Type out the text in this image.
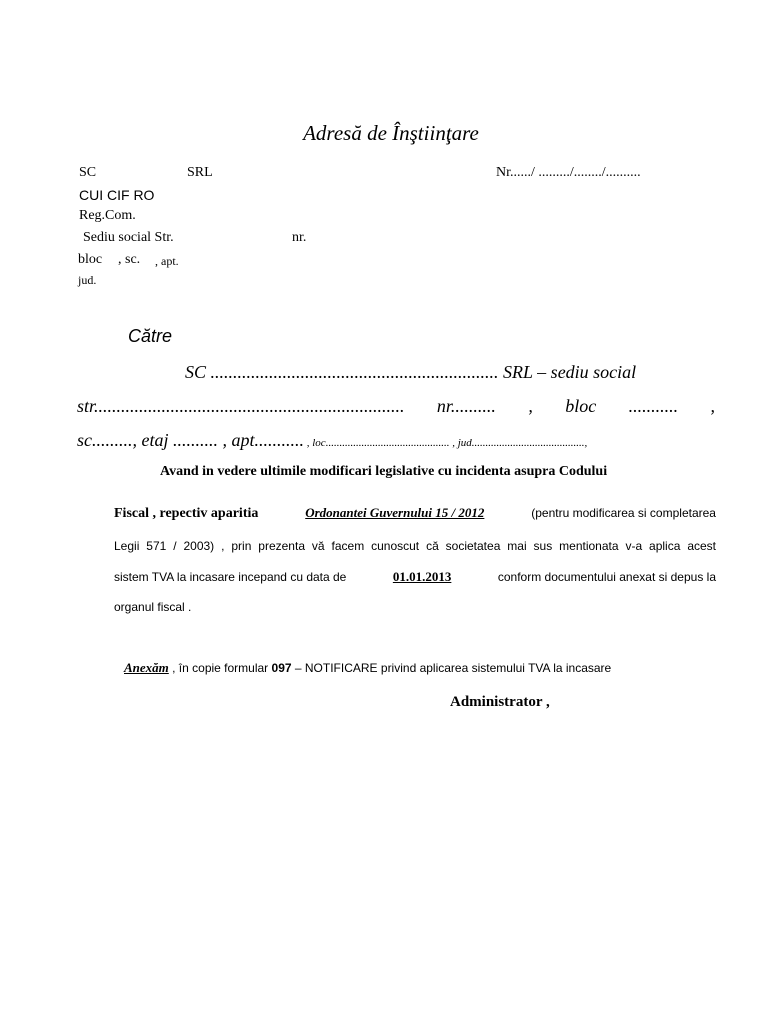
Adresă de Înştiinţare
SC	SRL	Nr....../ ........./......../..........
CUI CIF RO
Reg.Com.
Sediu social Str.	nr.
bloc , sc. , apt.
jud.
Către
SC ................................................................ SRL – sediu social
str..................................................................... nr.......... , bloc ........... ,
sc........., etaj .......... , apt........... , loc............................................. , jud.........................................,
Avand in vedere ultimile modificari legislative cu incidenta asupra Codului
Fiscal , repectiv aparitia	Ordonantei Guvernului 15 / 2012	(pentru modificarea si completarea
Legii 571 / 2003) , prin prezenta vă facem cunoscut că societatea mai sus mentionata v-a aplica acest
sistem TVA la incasare incepand cu data de	01.01.2013	conform documentului anexat si depus la
organul fiscal .
Anexăm , în copie formular 097 – NOTIFICARE privind aplicarea sistemului TVA la incasare
Administrator ,
